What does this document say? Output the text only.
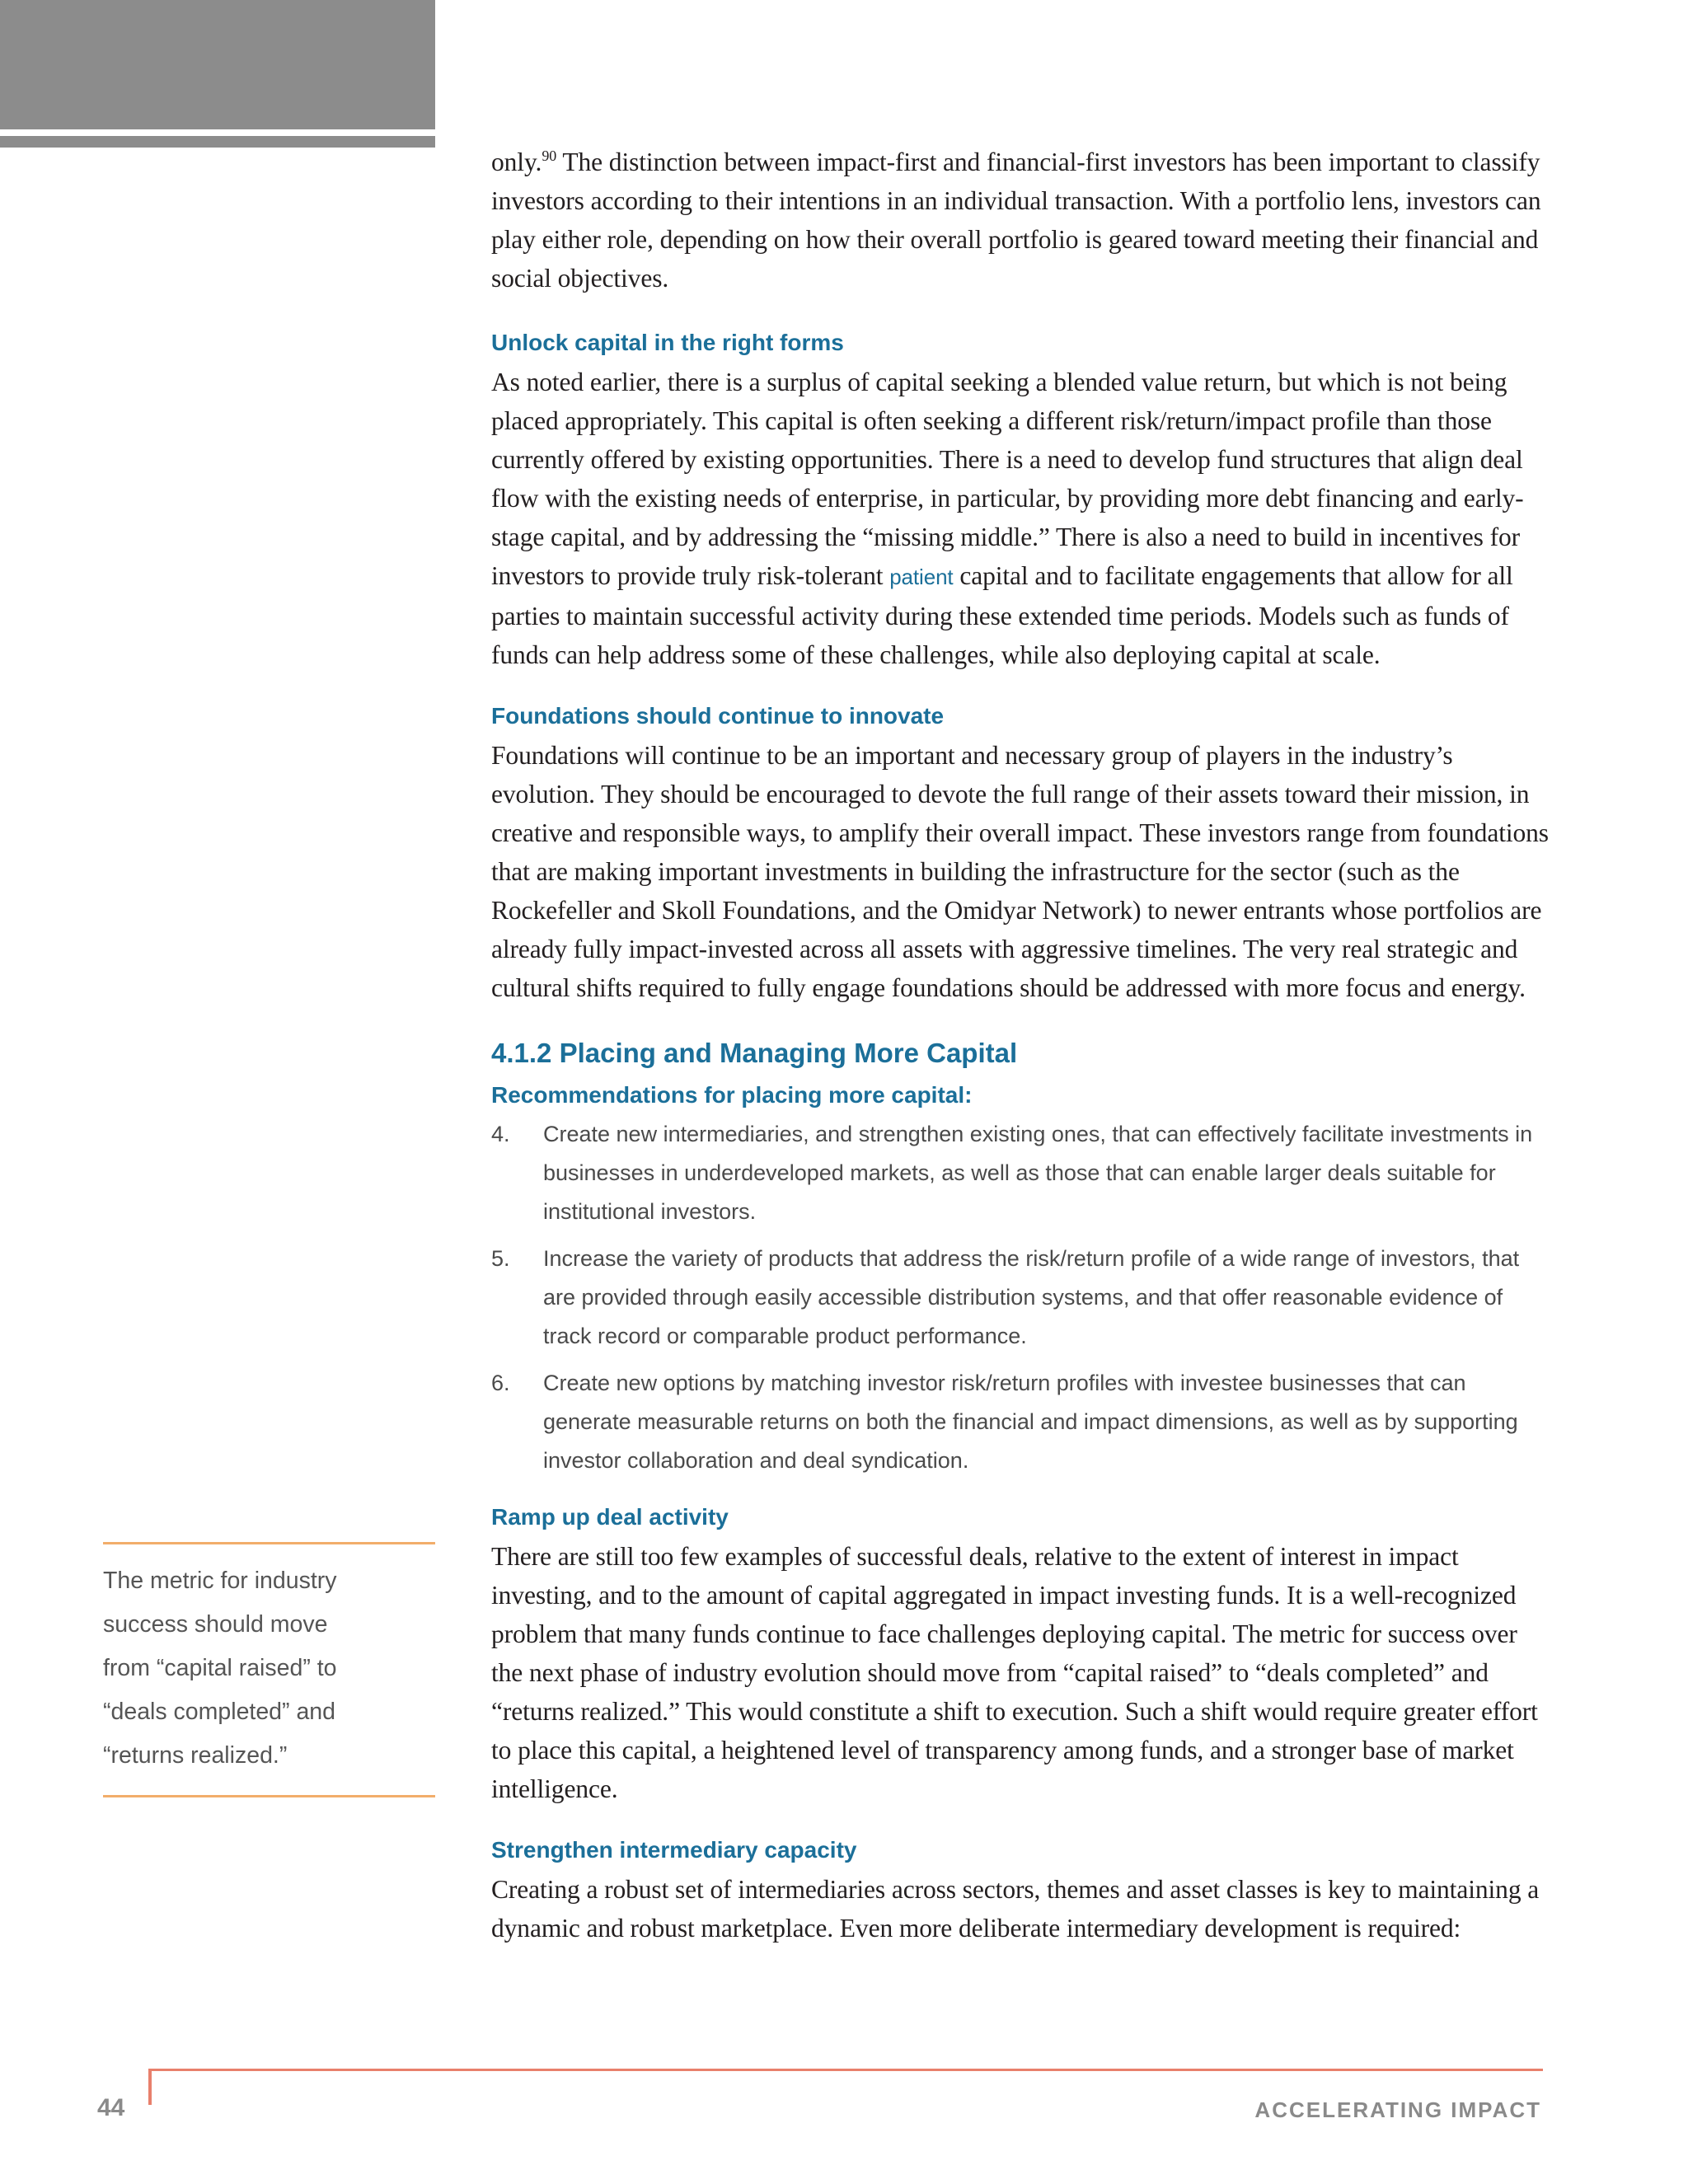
only.$^{90}$ The distinction between impact-first and financial-first investors has been important to classify investors according to their intentions in an individual transaction. With a portfolio lens, investors can play either role, depending on how their overall portfolio is geared toward meeting their financial and social objectives.

Unlock capital in the right forms

As noted earlier, there is a surplus of capital seeking a blended value return, but which is not being placed appropriately. This capital is often seeking a different risk/return/impact profile than those currently offered by existing opportunities. There is a need to develop fund structures that align deal flow with the existing needs of enterprise, in particular, by providing more debt financing and early-stage capital, and by addressing the “missing middle.” There is also a need to build in incentives for investors to provide truly risk-tolerant patient capital and to facilitate engagements that allow for all parties to maintain successful activity during these extended time periods. Models such as funds of funds can help address some of these challenges, while also deploying capital at scale.

Foundations should continue to innovate

Foundations will continue to be an important and necessary group of players in the industry’s evolution. They should be encouraged to devote the full range of their assets toward their mission, in creative and responsible ways, to amplify their overall impact. These investors range from foundations that are making important investments in building the infrastructure for the sector (such as the Rockefeller and Skoll Foundations, and the Omidyar Network) to newer entrants whose portfolios are already fully impact-invested across all assets with aggressive timelines. The very real strategic and cultural shifts required to fully engage foundations should be addressed with more focus and energy.

4.1.2 Placing and Managing More Capital
Recommendations for placing more capital:
4. Create new intermediaries, and strengthen existing ones, that can effectively facilitate investments in businesses in underdeveloped markets, as well as those that can enable larger deals suitable for institutional investors.
5. Increase the variety of products that address the risk/return profile of a wide range of investors, that are provided through easily accessible distribution systems, and that offer reasonable evidence of track record or comparable product performance.
6. Create new options by matching investor risk/return profiles with investee businesses that can generate measurable returns on both the financial and impact dimensions, as well as by supporting investor collaboration and deal syndication.
Ramp up deal activity

There are still too few examples of successful deals, relative to the extent of interest in impact investing, and to the amount of capital aggregated in impact investing funds. It is a well-recognized problem that many funds continue to face challenges deploying capital. The metric for success over the next phase of industry evolution should move from “capital raised” to “deals completed” and “returns realized.” This would constitute a shift to execution. Such a shift would require greater effort to place this capital, a heightened level of transparency among funds, and a stronger base of market intelligence.

Strengthen intermediary capacity

Creating a robust set of intermediaries across sectors, themes and asset classes is key to maintaining a dynamic and robust marketplace. Even more deliberate intermediary development is required:

The metric for industry
success should move
from “capital raised” to
“deals completed” and
“returns realized.”

44	ACCELERATING IMPACT
